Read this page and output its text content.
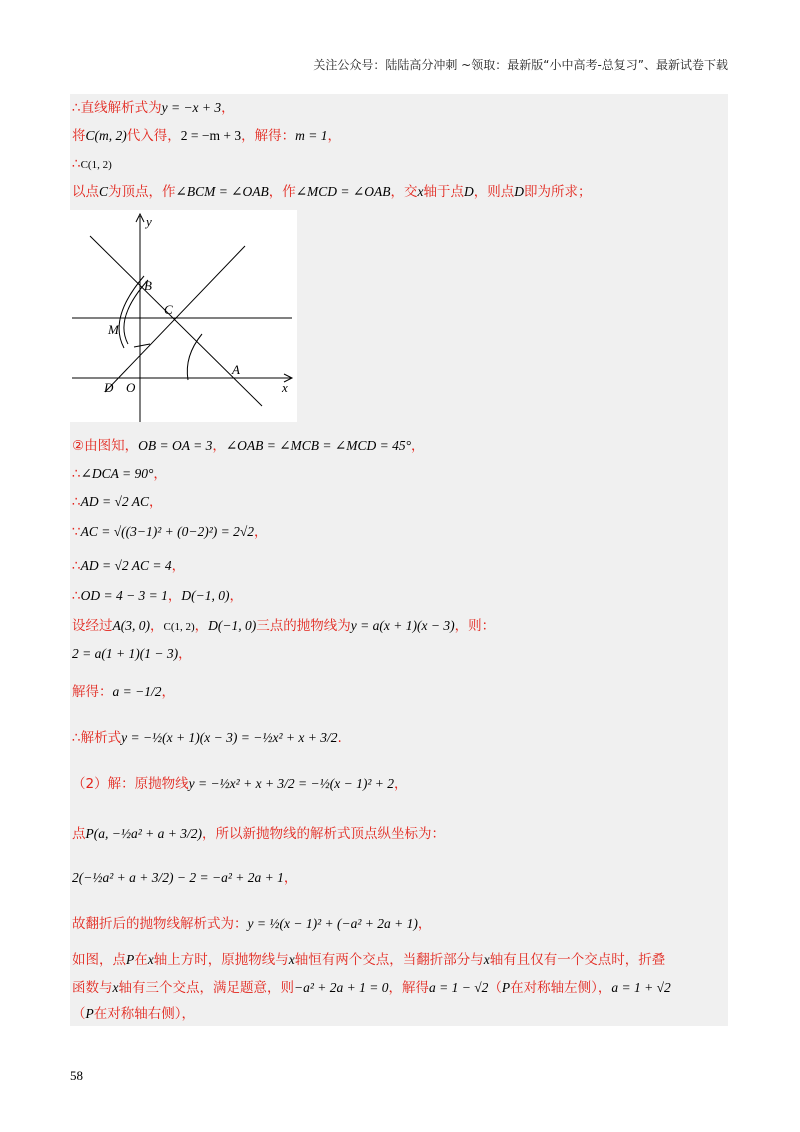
关注公众号：陆陆高分冲刺 ~领取：最新版“小中高考-总复习”、最新试卷下载
∴直线解析式为y = −x + 3，
将C(m, 2)代入得，2 = −m + 3，解得：m = 1，
∴C(1, 2)
以点C为顶点，作∠BCM = ∠OAB，作∠MCD = ∠OAB，交x轴于点D，则点D即为所求；
y
x
B
C
M
A
D O
②由图知，OB = OA = 3，∠OAB = ∠MCB = ∠MCD = 45°，
∴∠DCA = 90°，
∴AD = √2 AC，
∵AC = √((3−1)² + (0−2)²) = 2√2，
∴AD = √2 AC = 4，
∴OD = 4 − 3 = 1，D(−1, 0)，
设经过A(3, 0)，C(1, 2)，D(−1, 0)三点的抛物线为y = a(x + 1)(x − 3)，则：
2 = a(1 + 1)(1 − 3)，
解得：a = −1/2，
∴解析式y = −½(x + 1)(x − 3) = −½x² + x + 3/2.
（2）解：原抛物线y = −½x² + x + 3/2 = −½(x − 1)² + 2，
点P(a, −½a² + a + 3/2)，所以新抛物线的解析式顶点纵坐标为：
2(−½a² + a + 3/2) − 2 = −a² + 2a + 1，
故翻折后的抛物线解析式为：y = ½(x − 1)² + (−a² + 2a + 1)，
如图，点P在x轴上方时，原抛物线与x轴恒有两个交点，当翻折部分与x轴有且仅有一个交点时，折叠
函数与x轴有三个交点，满足题意，则−a² + 2a + 1 = 0，解得a = 1 − √2（P在对称轴左侧），a = 1 + √2
（P在对称轴右侧），
58
